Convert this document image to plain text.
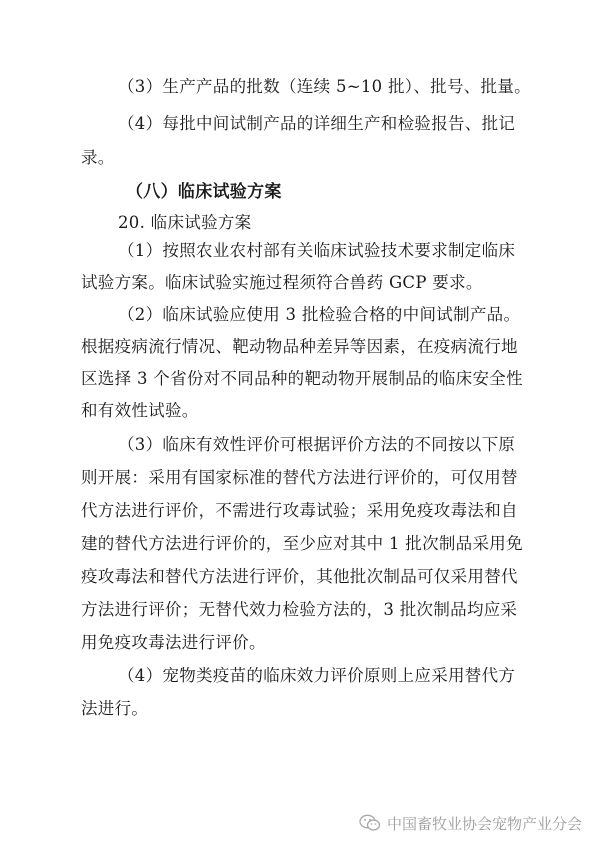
（3）生产产品的批数（连续 5~10 批）、批号、批量。
（4）每批中间试制产品的详细生产和检验报告、批记
录。
（八）临床试验方案
20. 临床试验方案
（1）按照农业农村部有关临床试验技术要求制定临床
试验方案。临床试验实施过程须符合兽药 GCP 要求。
（2）临床试验应使用 3 批检验合格的中间试制产品。
根据疫病流行情况、靶动物品种差异等因素，在疫病流行地
区选择 3 个省份对不同品种的靶动物开展制品的临床安全性
和有效性试验。
（3）临床有效性评价可根据评价方法的不同按以下原
则开展：采用有国家标准的替代方法进行评价的，可仅用替
代方法进行评价，不需进行攻毒试验；采用免疫攻毒法和自
建的替代方法进行评价的，至少应对其中 1 批次制品采用免
疫攻毒法和替代方法进行评价，其他批次制品可仅采用替代
方法进行评价；无替代效力检验方法的，3 批次制品均应采
用免疫攻毒法进行评价。
（4）宠物类疫苗的临床效力评价原则上应采用替代方
法进行。
中国畜牧业协会宠物产业分会
